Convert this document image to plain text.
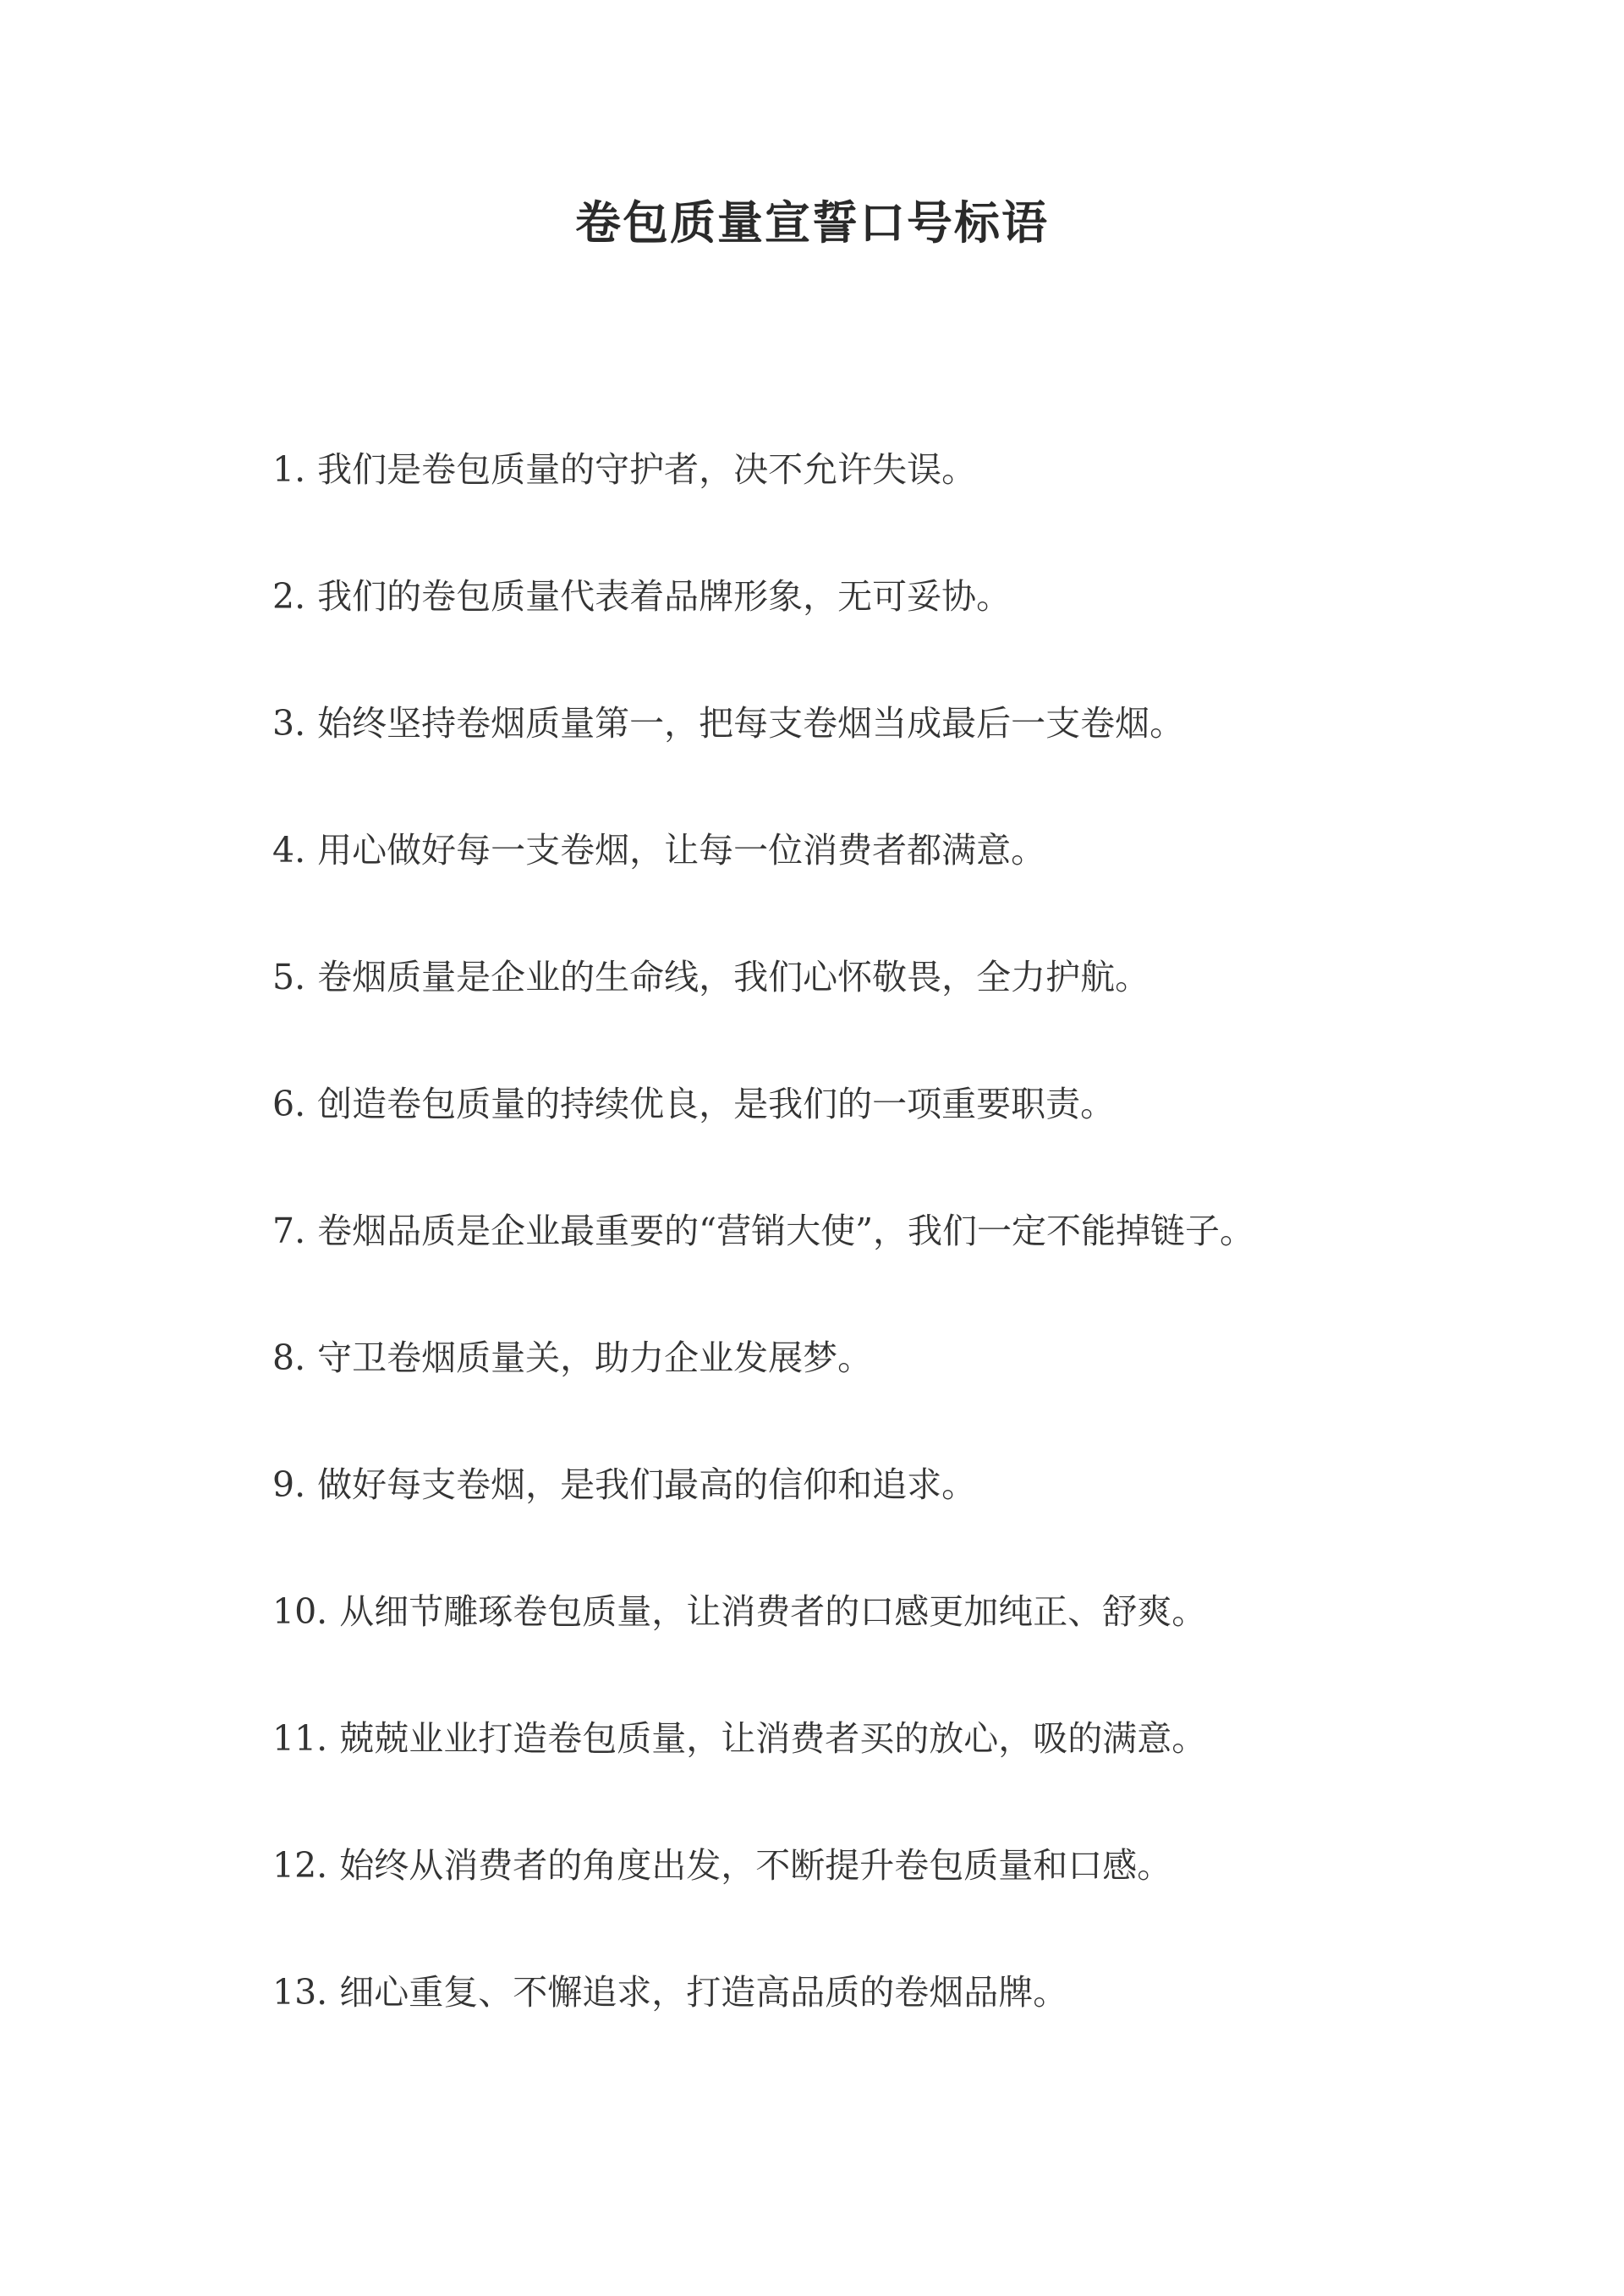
卷包质量宣誓口号标语
1. 我们是卷包质量的守护者，决不允许失误。
2. 我们的卷包质量代表着品牌形象，无可妥协。
3. 始终坚持卷烟质量第一，把每支卷烟当成最后一支卷烟。
4. 用心做好每一支卷烟，让每一位消费者都满意。
5. 卷烟质量是企业的生命线，我们心怀敬畏，全力护航。
6. 创造卷包质量的持续优良，是我们的一项重要职责。
7. 卷烟品质是企业最重要的“营销大使”，我们一定不能掉链子。
8. 守卫卷烟质量关，助力企业发展梦。
9. 做好每支卷烟，是我们最高的信仰和追求。
10. 从细节雕琢卷包质量，让消费者的口感更加纯正、舒爽。
11. 兢兢业业打造卷包质量，让消费者买的放心，吸的满意。
12. 始终从消费者的角度出发，不断提升卷包质量和口感。
13. 细心重复、不懈追求，打造高品质的卷烟品牌。
